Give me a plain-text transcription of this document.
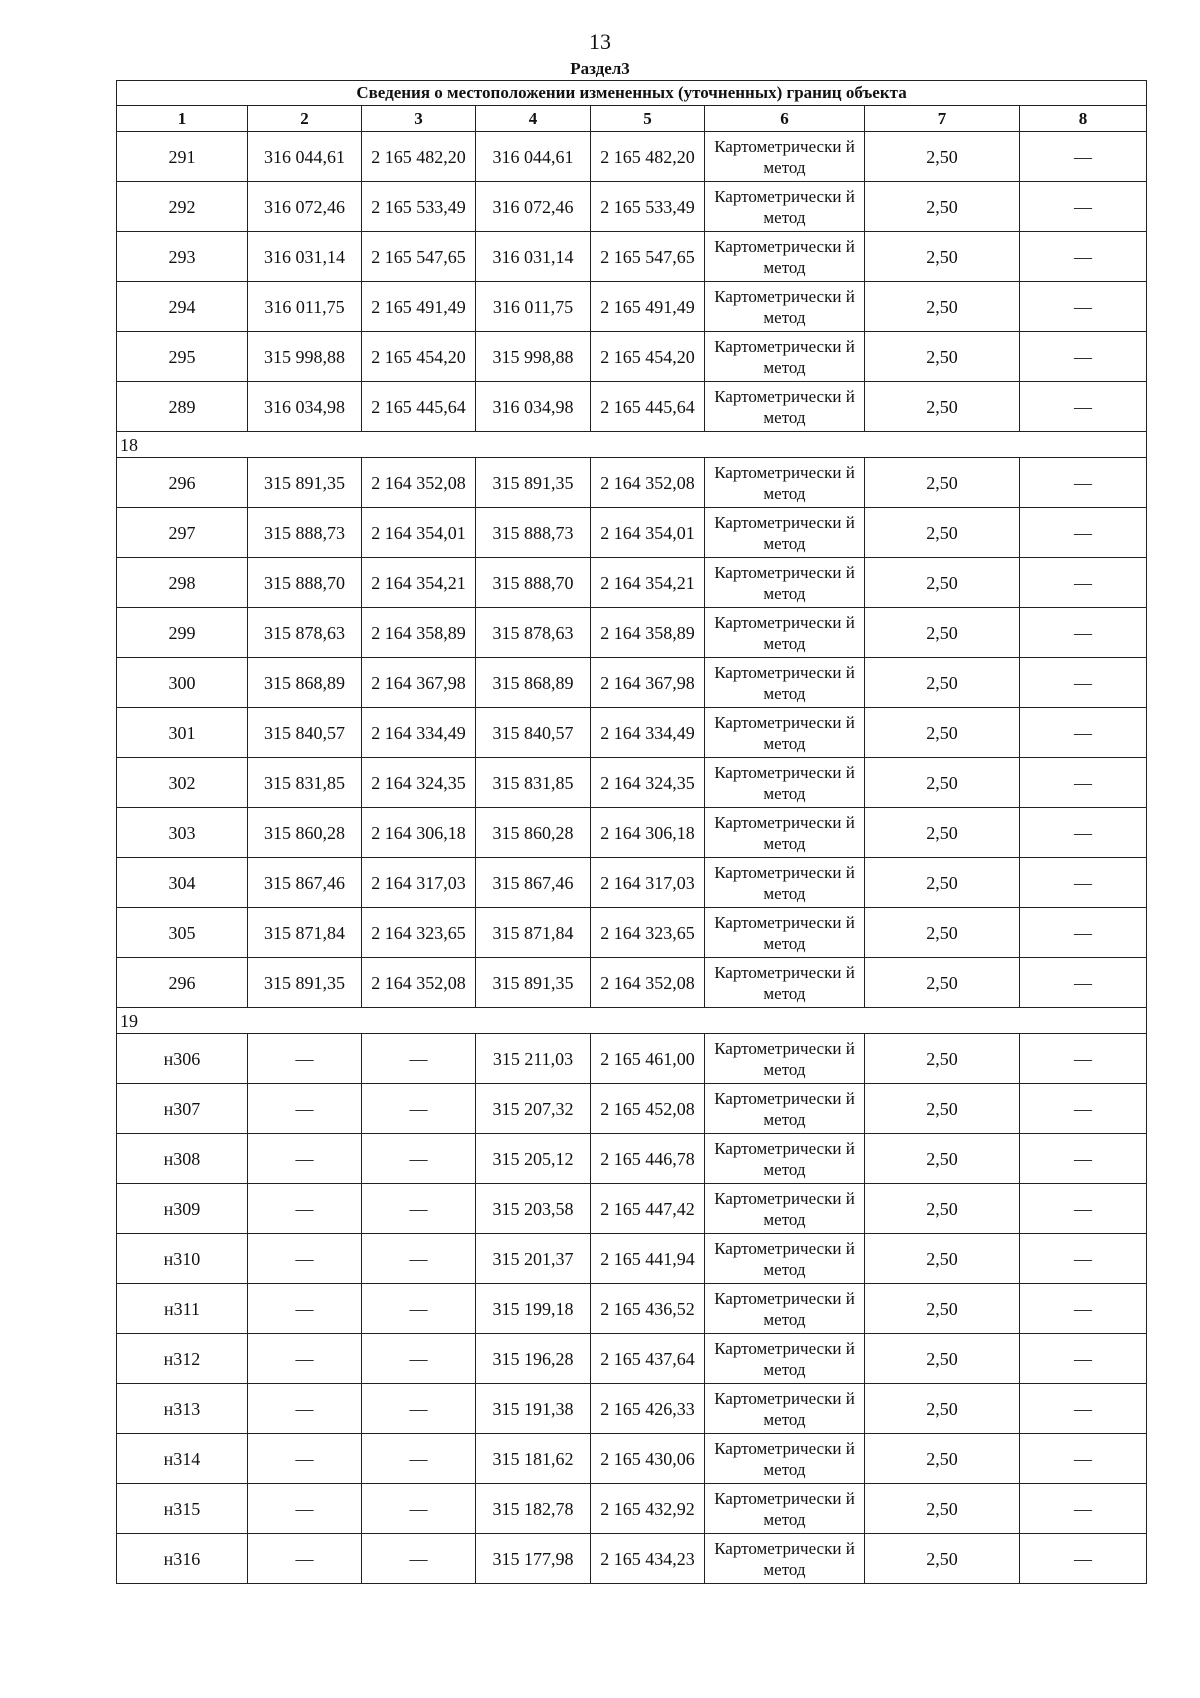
13
Раздел3
Сведения о местоположении измененных (уточненных) границ объекта							
1	2	3	4	5	6	7	8
291	316 044,61	2 165 482,20	316 044,61	2 165 482,20	Картометрически й метод	2,50	—
292	316 072,46	2 165 533,49	316 072,46	2 165 533,49	Картометрически й метод	2,50	—
293	316 031,14	2 165 547,65	316 031,14	2 165 547,65	Картометрически й метод	2,50	—
294	316 011,75	2 165 491,49	316 011,75	2 165 491,49	Картометрически й метод	2,50	—
295	315 998,88	2 165 454,20	315 998,88	2 165 454,20	Картометрически й метод	2,50	—
289	316 034,98	2 165 445,64	316 034,98	2 165 445,64	Картометрически й метод	2,50	—
18							
296	315 891,35	2 164 352,08	315 891,35	2 164 352,08	Картометрически й метод	2,50	—
297	315 888,73	2 164 354,01	315 888,73	2 164 354,01	Картометрически й метод	2,50	—
298	315 888,70	2 164 354,21	315 888,70	2 164 354,21	Картометрически й метод	2,50	—
299	315 878,63	2 164 358,89	315 878,63	2 164 358,89	Картометрически й метод	2,50	—
300	315 868,89	2 164 367,98	315 868,89	2 164 367,98	Картометрически й метод	2,50	—
301	315 840,57	2 164 334,49	315 840,57	2 164 334,49	Картометрически й метод	2,50	—
302	315 831,85	2 164 324,35	315 831,85	2 164 324,35	Картометрически й метод	2,50	—
303	315 860,28	2 164 306,18	315 860,28	2 164 306,18	Картометрически й метод	2,50	—
304	315 867,46	2 164 317,03	315 867,46	2 164 317,03	Картометрически й метод	2,50	—
305	315 871,84	2 164 323,65	315 871,84	2 164 323,65	Картометрически й метод	2,50	—
296	315 891,35	2 164 352,08	315 891,35	2 164 352,08	Картометрически й метод	2,50	—
19							
н306	—	—	315 211,03	2 165 461,00	Картометрически й метод	2,50	—
н307	—	—	315 207,32	2 165 452,08	Картометрически й метод	2,50	—
н308	—	—	315 205,12	2 165 446,78	Картометрически й метод	2,50	—
н309	—	—	315 203,58	2 165 447,42	Картометрически й метод	2,50	—
н310	—	—	315 201,37	2 165 441,94	Картометрически й метод	2,50	—
н311	—	—	315 199,18	2 165 436,52	Картометрически й метод	2,50	—
н312	—	—	315 196,28	2 165 437,64	Картометрически й метод	2,50	—
н313	—	—	315 191,38	2 165 426,33	Картометрически й метод	2,50	—
н314	—	—	315 181,62	2 165 430,06	Картометрически й метод	2,50	—
н315	—	—	315 182,78	2 165 432,92	Картометрически й метод	2,50	—
н316	—	—	315 177,98	2 165 434,23	Картометрически й метод	2,50	—
